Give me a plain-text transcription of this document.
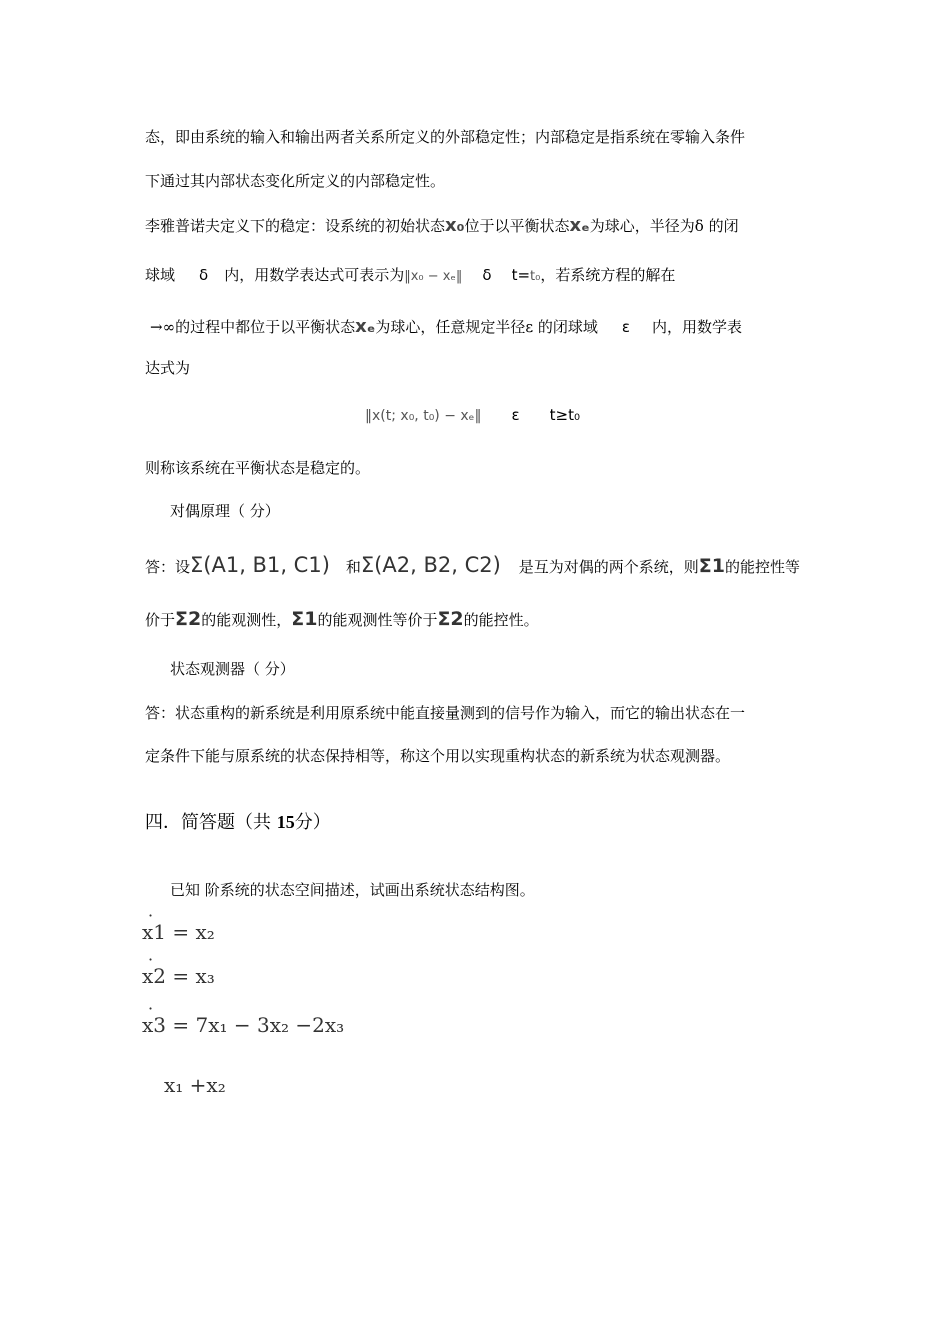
态，即由系统的输入和输出两者关系所定义的外部稳定性；内部稳定是指系统在零输入条件
下通过其内部状态变化所定义的内部稳定性。
李雅普诺夫定义下的稳定：设系统的初始状态x₀位于以平衡状态xₑ为球心，半径为δ 的闭
球域 δ 内，用数学表达式可表示为‖x₀ − xₑ‖ δ t=t₀，若系统方程的解在
→∞的过程中都位于以平衡状态xₑ为球心，任意规定半径ε 的闭球域 ε 内，用数学表
达式为
‖x(t; x₀, t₀) − xₑ‖ ε t≥t₀
则称该系统在平衡状态是稳定的。
对偶原理（ 分）
答：设Σ(A1, B1, C1) 和Σ(A2, B2, C2) 是互为对偶的两个系统，则Σ1的能控性等
价于Σ2的能观测性，Σ1的能观测性等价于Σ2的能控性。
状态观测器（ 分）
答：状态重构的新系统是利用原系统中能直接量测到的信号作为输入，而它的输出状态在一
定条件下能与原系统的状态保持相等，称这个用以实现重构状态的新系统为状态观测器。
四．简答题（共 15分）
已知 阶系统的状态空间描述，试画出系统状态结构图。
· x1 = x₂
· x2 = x₃
· x3 = 7x₁ − 3x₂ −2x₃
x₁ +x₂
